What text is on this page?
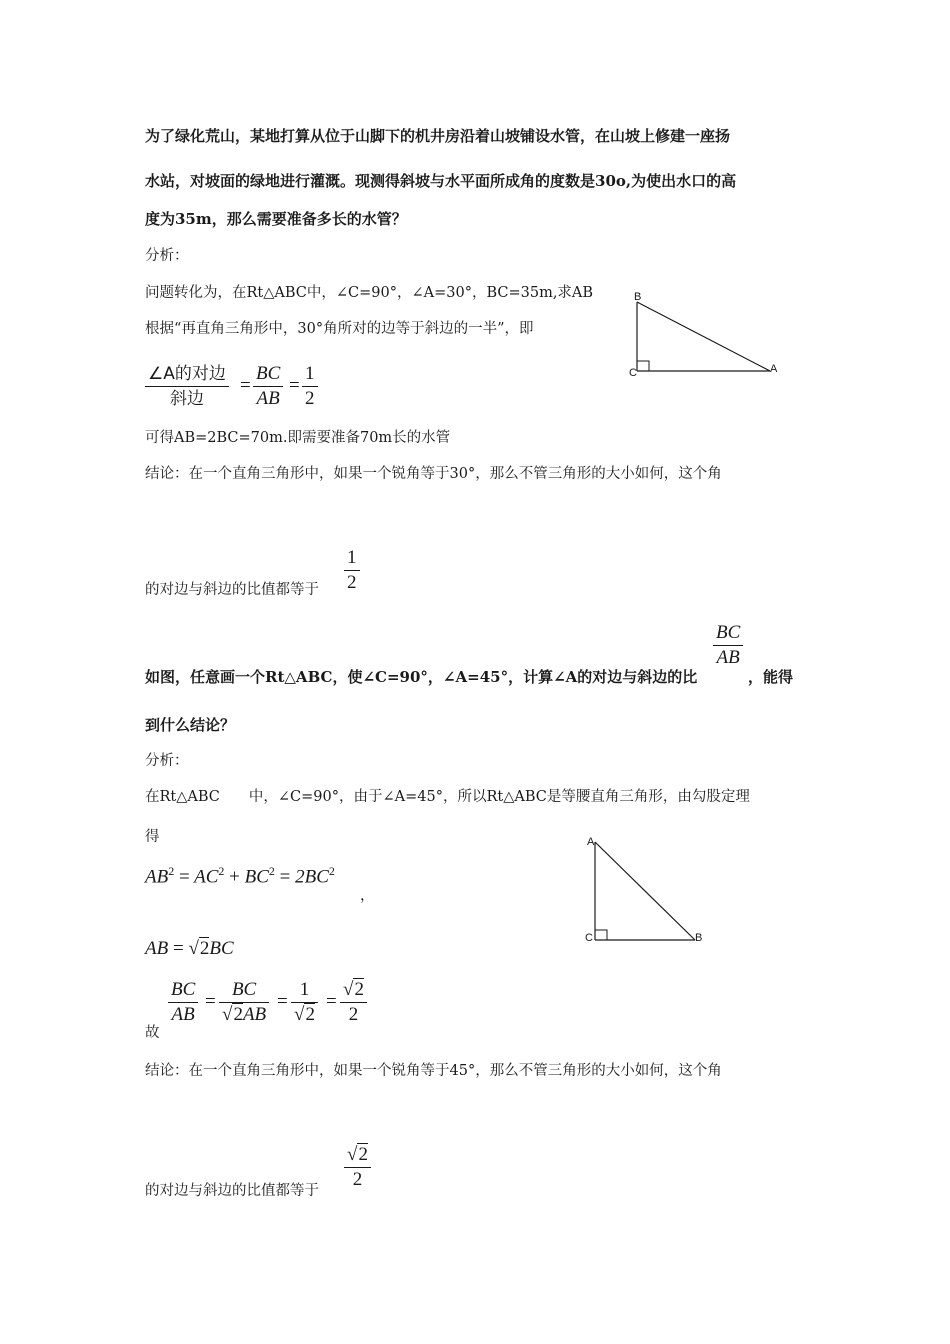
为了绿化荒山，某地打算从位于山脚下的机井房沿着山坡铺设水管，在山坡上修建一座扬
水站，对坡面的绿地进行灌溉。现测得斜坡与水平面所成角的度数是30o,为使出水口的高
度为35m，那么需要准备多长的水管？
分析：
问题转化为，在Rt△ABC中，∠C=90°，∠A=30°，BC=35m,求AB
根据“再直角三角形中，30°角所对的边等于斜边的一半”，即
∠A的对边
斜边
=
BC
AB
=
1
2
可得AB=2BC=70m.即需要准备70m长的水管
结论：在一个直角三角形中，如果一个锐角等于30°，那么不管三角形的大小如何，这个角
的对边与斜边的比值都等于
1
2
B
C	A
如图，任意画一个Rt△ABC，使∠C=90°，∠A=45°，计算∠A的对边与斜边的比
BC
AB
，能得
到什么结论？
分析：
在Rt△ABC　　中，∠C=90°，由于∠A=45°，所以Rt△ABC是等腰直角三角形，由勾股定理
得
$AB^2 = AC^2 + BC^2 = 2BC^2$
，
AB = √2BC
BC
AB
=
BC
√2AB
=
1
√2
=
√2
2
故
结论：在一个直角三角形中，如果一个锐角等于45°，那么不管三角形的大小如何，这个角
的对边与斜边的比值都等于
√2
2
A
C	B
